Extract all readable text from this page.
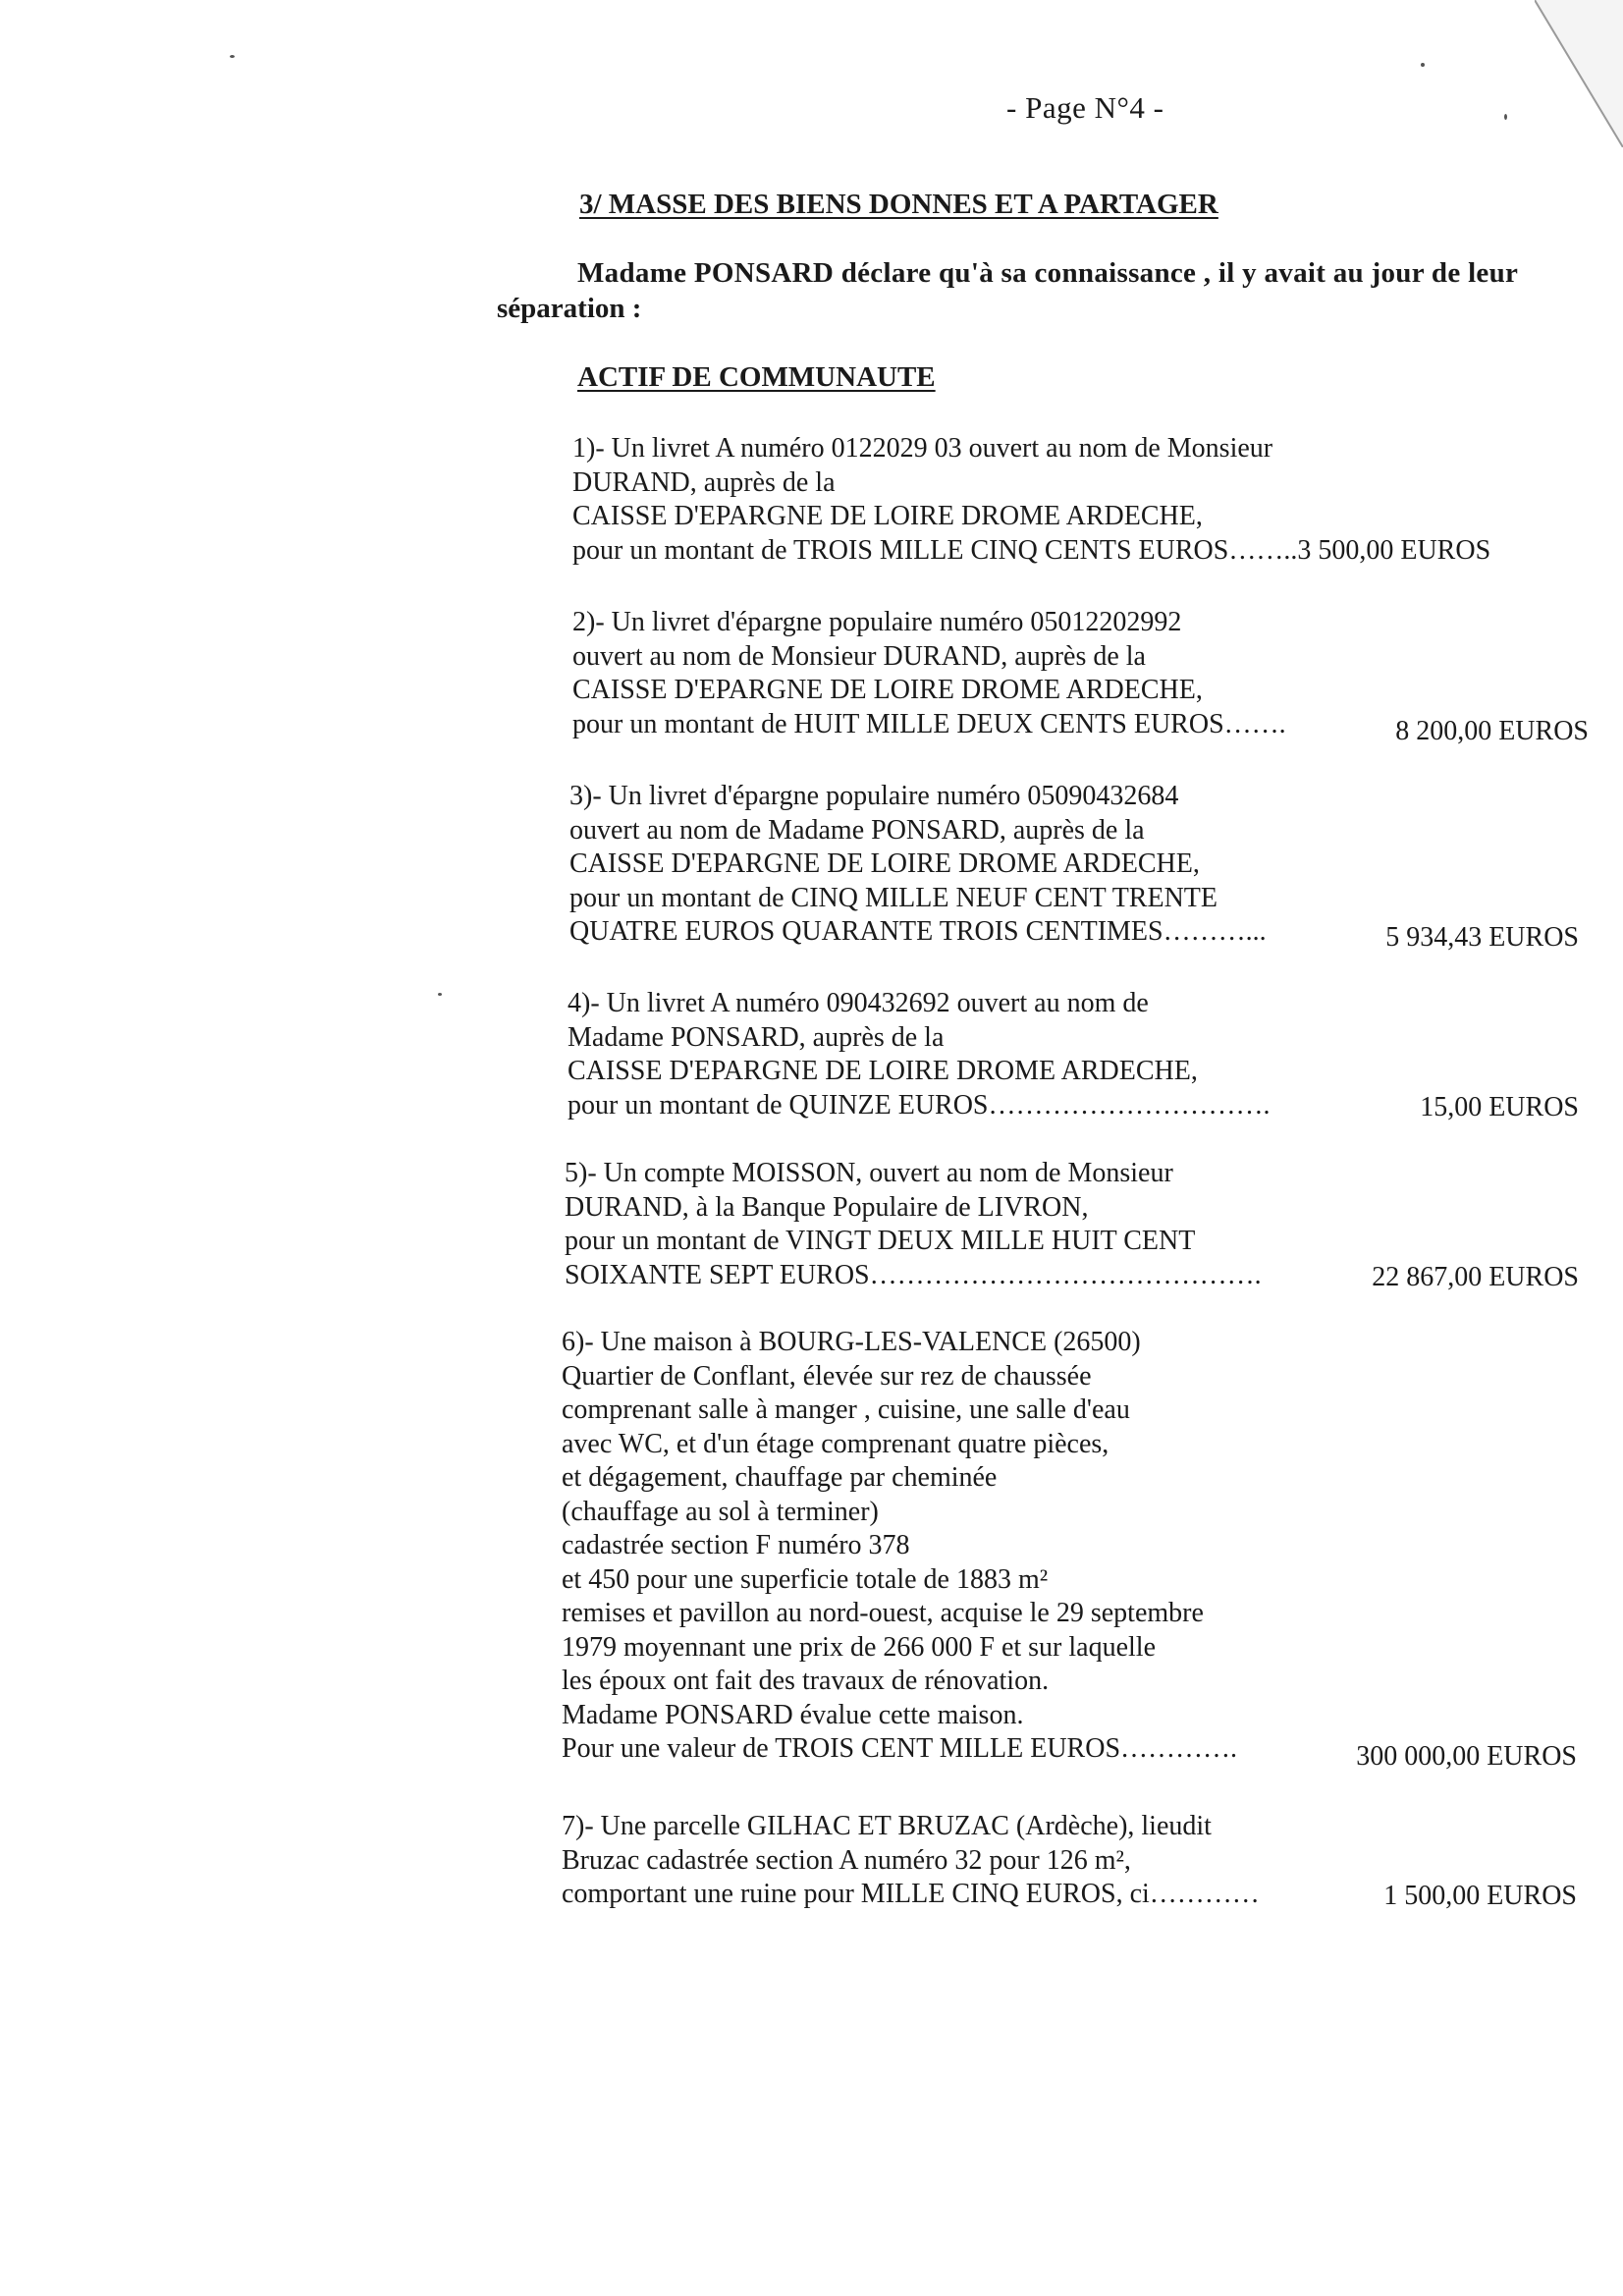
- Page N°4 -
3/ MASSE DES BIENS DONNES ET A PARTAGER
Madame PONSARD déclare qu'à sa connaissance , il y avait au jour de leur
séparation :
ACTIF DE COMMUNAUTE
1)- Un livret A numéro 0122029 03 ouvert au nom de Monsieur
DURAND, auprès de la
CAISSE D'EPARGNE DE LOIRE DROME ARDECHE,
pour un montant de TROIS MILLE CINQ CENTS EUROS……..3 500,00 EUROS
2)- Un livret d'épargne populaire numéro 05012202992
ouvert au nom de Monsieur DURAND, auprès de la
CAISSE D'EPARGNE DE LOIRE DROME ARDECHE,
pour un montant de HUIT MILLE DEUX CENTS EUROS…….	8 200,00 EUROS
3)- Un livret d'épargne populaire numéro 05090432684
ouvert au nom de Madame PONSARD, auprès de la
CAISSE D'EPARGNE DE LOIRE DROME ARDECHE,
pour un montant de CINQ MILLE NEUF CENT TRENTE
QUATRE EUROS QUARANTE TROIS CENTIMES………...	5 934,43 EUROS
4)- Un livret A numéro 090432692 ouvert au nom de
Madame PONSARD, auprès de la
CAISSE D'EPARGNE DE LOIRE DROME ARDECHE,
pour un montant de QUINZE EUROS………………………….	15,00 EUROS
5)- Un compte MOISSON, ouvert au nom de Monsieur
DURAND, à la Banque Populaire de LIVRON,
pour un montant de VINGT DEUX MILLE HUIT CENT
SOIXANTE SEPT EUROS…………………………………….	22 867,00 EUROS
6)- Une maison à BOURG-LES-VALENCE (26500)
Quartier de Conflant, élevée sur rez de chaussée
comprenant salle à manger , cuisine, une salle d'eau
avec WC, et d'un étage comprenant quatre pièces,
et dégagement, chauffage par cheminée
(chauffage au sol à terminer)
cadastrée section F numéro 378
et 450 pour une superficie totale de 1883 m²
remises et pavillon au nord-ouest, acquise le 29 septembre
1979 moyennant une prix de 266 000 F et sur laquelle
les époux ont fait des travaux de rénovation.
Madame PONSARD évalue cette maison.
Pour une valeur de TROIS CENT MILLE EUROS………….	300 000,00 EUROS
7)- Une parcelle GILHAC ET BRUZAC (Ardèche), lieudit
Bruzac cadastrée section A numéro 32 pour 126 m²,
comportant une ruine pour MILLE CINQ EUROS, ci…………	1 500,00 EUROS
